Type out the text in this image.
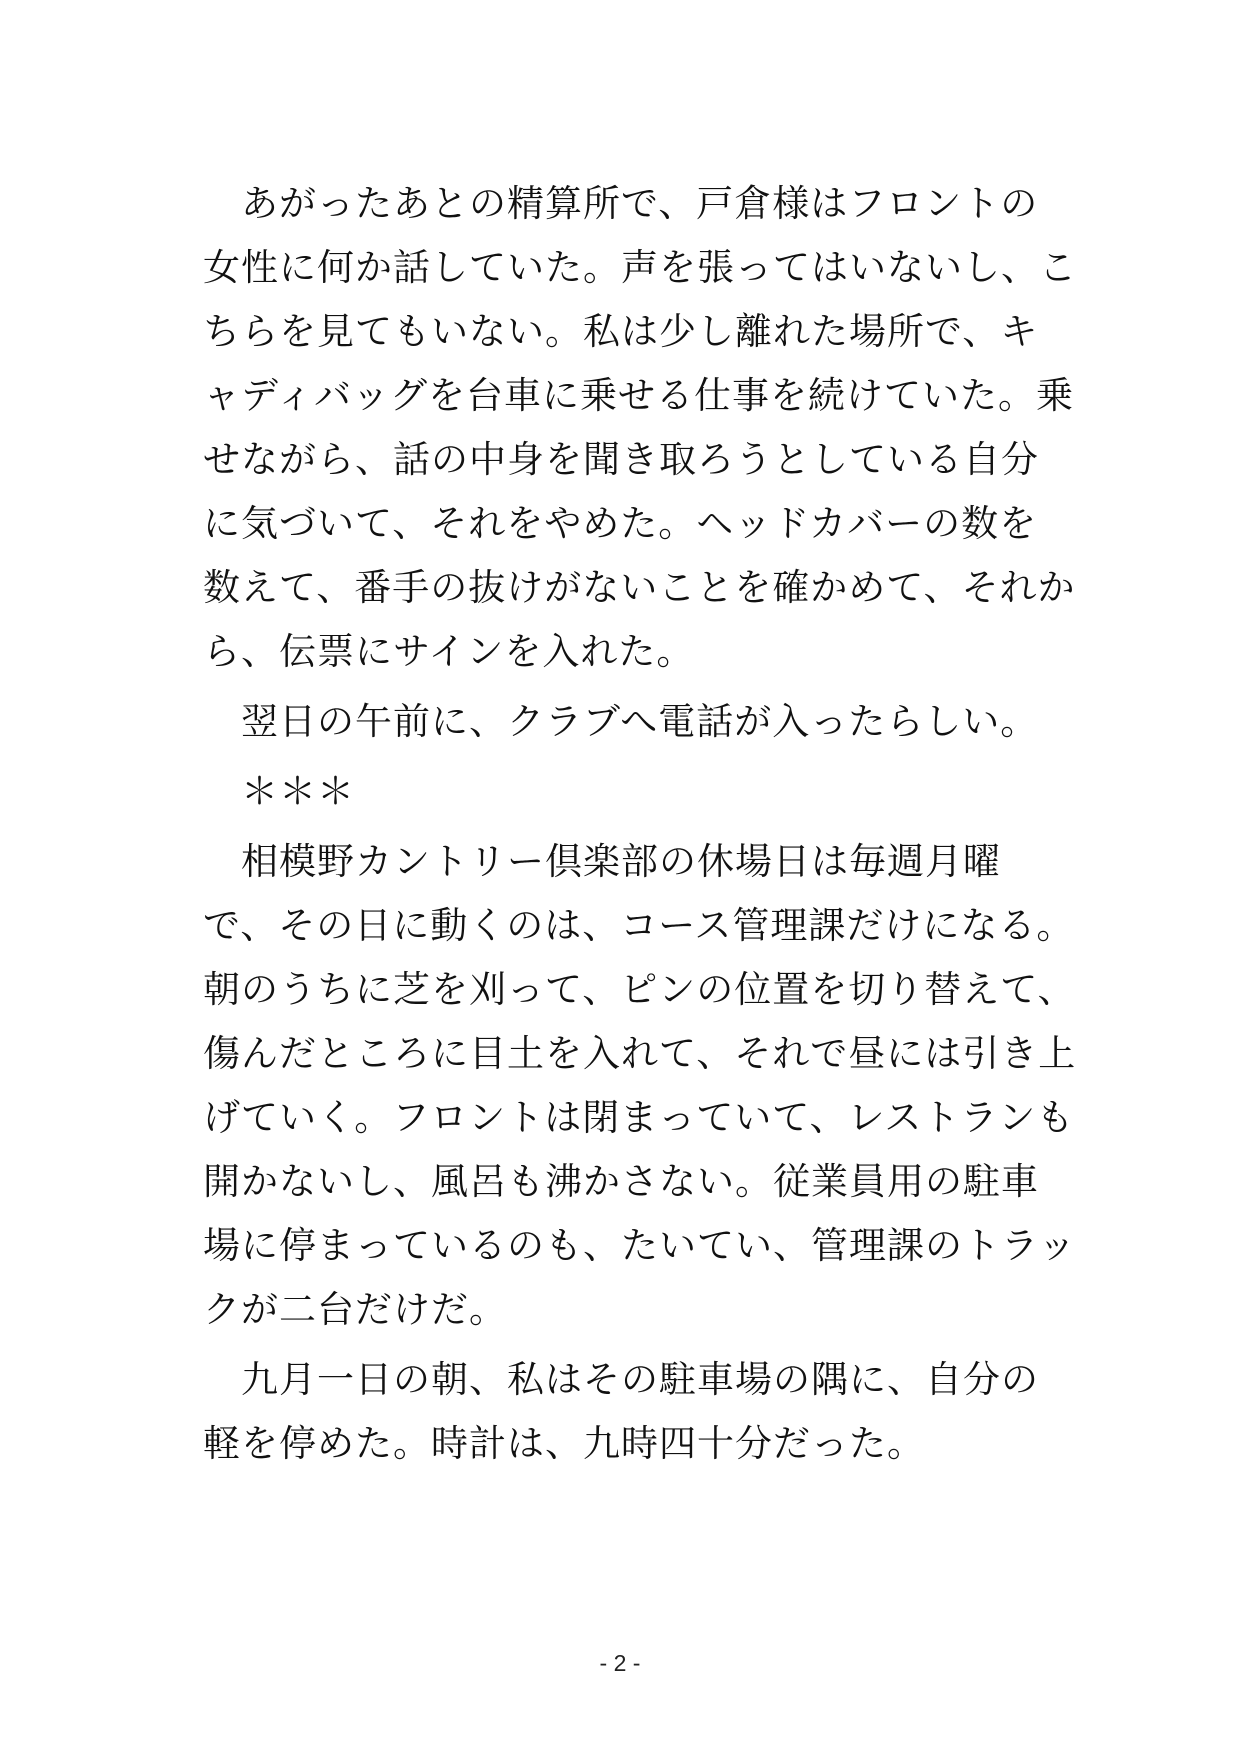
　あがったあとの精算所で、戸倉様はフロントの
女性に何か話していた。声を張ってはいないし、こ
ちらを見てもいない。私は少し離れた場所で、キ
ャディバッグを台車に乗せる仕事を続けていた。乗
せながら、話の中身を聞き取ろうとしている自分
に気づいて、それをやめた。ヘッドカバーの数を
数えて、番手の抜けがないことを確かめて、それか
ら、伝票にサインを入れた。
　翌日の午前に、クラブへ電話が入ったらしい。
　＊＊＊
　相模野カントリー倶楽部の休場日は毎週月曜
で、その日に動くのは、コース管理課だけになる。
朝のうちに芝を刈って、ピンの位置を切り替えて、
傷んだところに目土を入れて、それで昼には引き上
げていく。フロントは閉まっていて、レストランも
開かないし、風呂も沸かさない。従業員用の駐車
場に停まっているのも、たいてい、管理課のトラッ
クが二台だけだ。
　九月一日の朝、私はその駐車場の隅に、自分の
軽を停めた。時計は、九時四十分だった。
- 2 -
